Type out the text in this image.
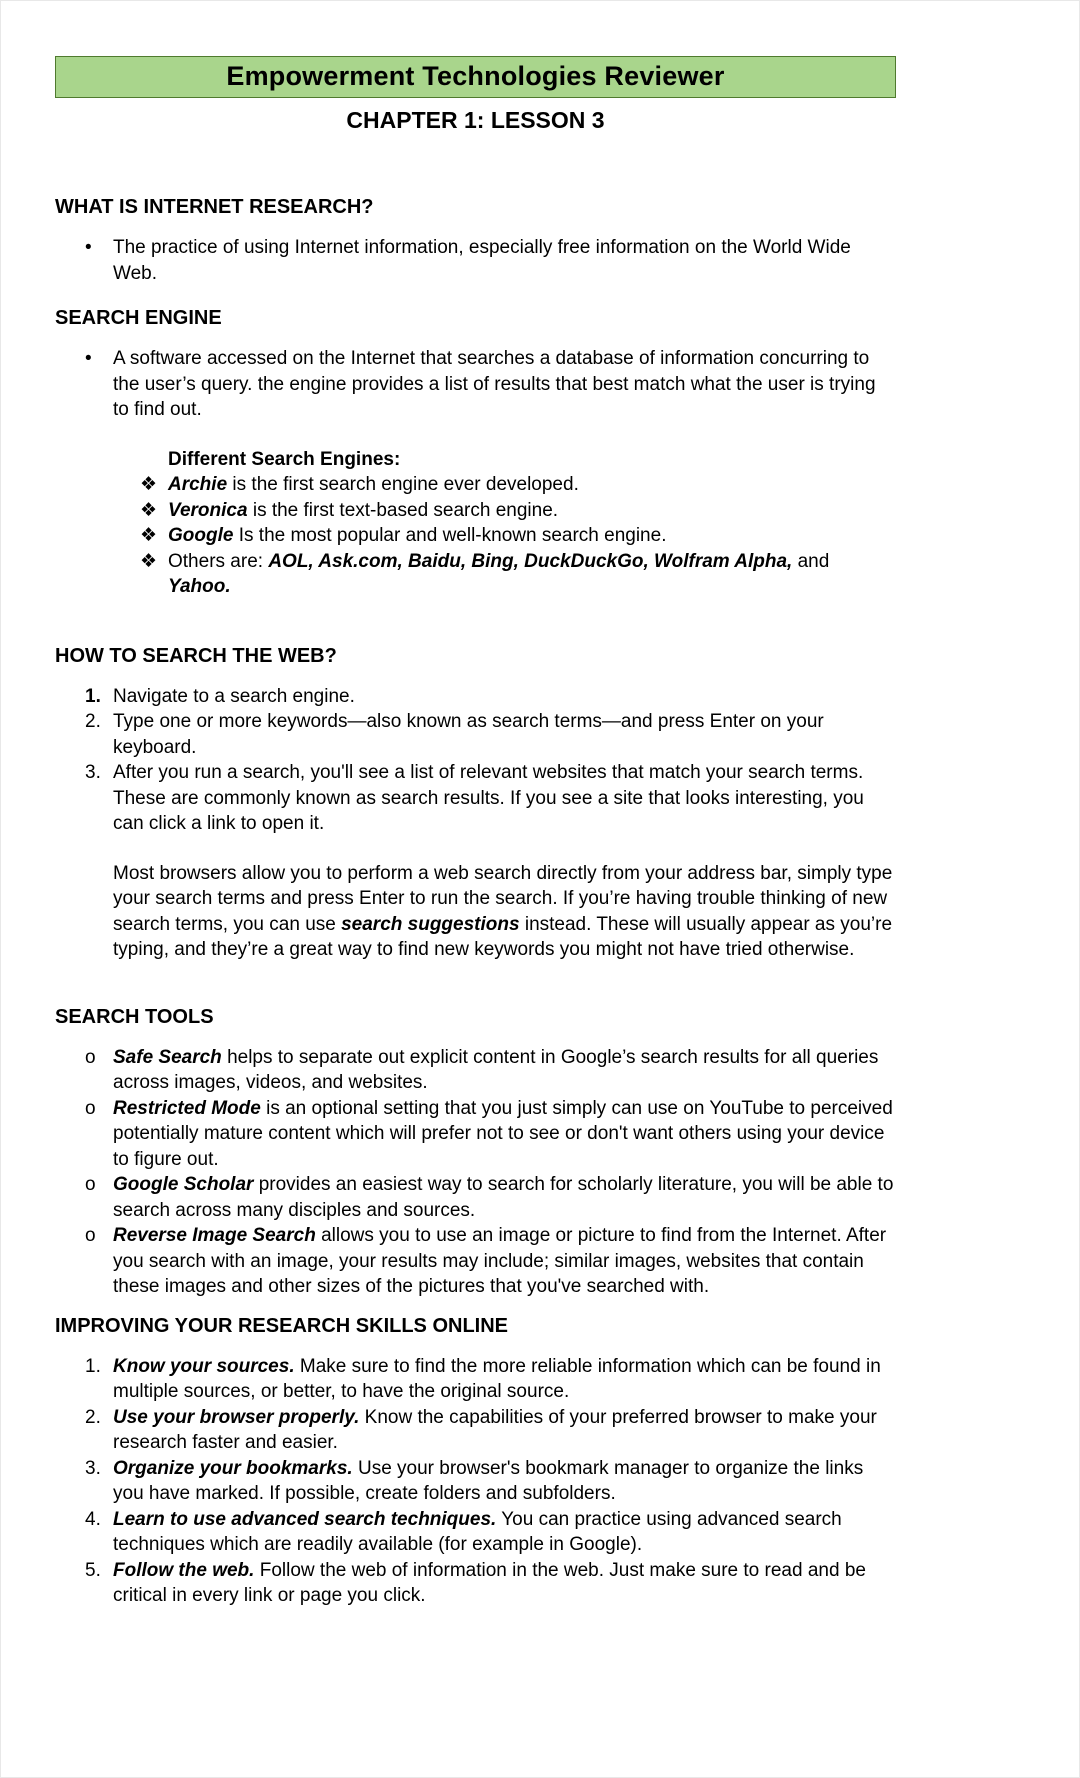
Empowerment Technologies Reviewer
CHAPTER 1: LESSON 3
WHAT IS INTERNET RESEARCH?
•	The practice of using Internet information, especially free information on the World Wide Web.
SEARCH ENGINE
•	A software accessed on the Internet that searches a database of information concurring to the user’s query. the engine provides a list of results that best match what the user is trying to find out.
Different Search Engines:
❖ Archie is the first search engine ever developed.
❖ Veronica is the first text-based search engine.
❖ Google Is the most popular and well-known search engine.
❖ Others are: AOL, Ask.com, Baidu, Bing, DuckDuckGo, Wolfram Alpha, and Yahoo.
HOW TO SEARCH THE WEB?
1. Navigate to a search engine.
2. Type one or more keywords—also known as search terms—and press Enter on your keyboard.
3. After you run a search, you'll see a list of relevant websites that match your search terms. These are commonly known as search results. If you see a site that looks interesting, you can click a link to open it.
Most browsers allow you to perform a web search directly from your address bar, simply type your search terms and press Enter to run the search. If you’re having trouble thinking of new search terms, you can use search suggestions instead. These will usually appear as you’re typing, and they’re a great way to find new keywords you might not have tried otherwise.
SEARCH TOOLS
o Safe Search helps to separate out explicit content in Google’s search results for all queries across images, videos, and websites.
o Restricted Mode is an optional setting that you just simply can use on YouTube to perceived potentially mature content which will prefer not to see or don't want others using your device to figure out.
o Google Scholar provides an easiest way to search for scholarly literature, you will be able to search across many disciples and sources.
o Reverse Image Search allows you to use an image or picture to find from the Internet. After you search with an image, your results may include; similar images, websites that contain these images and other sizes of the pictures that you've searched with.
IMPROVING YOUR RESEARCH SKILLS ONLINE
1. Know your sources. Make sure to find the more reliable information which can be found in multiple sources, or better, to have the original source.
2. Use your browser properly. Know the capabilities of your preferred browser to make your research faster and easier.
3. Organize your bookmarks. Use your browser's bookmark manager to organize the links you have marked. If possible, create folders and subfolders.
4. Learn to use advanced search techniques. You can practice using advanced search techniques which are readily available (for example in Google).
5. Follow the web. Follow the web of information in the web. Just make sure to read and be critical in every link or page you click.
